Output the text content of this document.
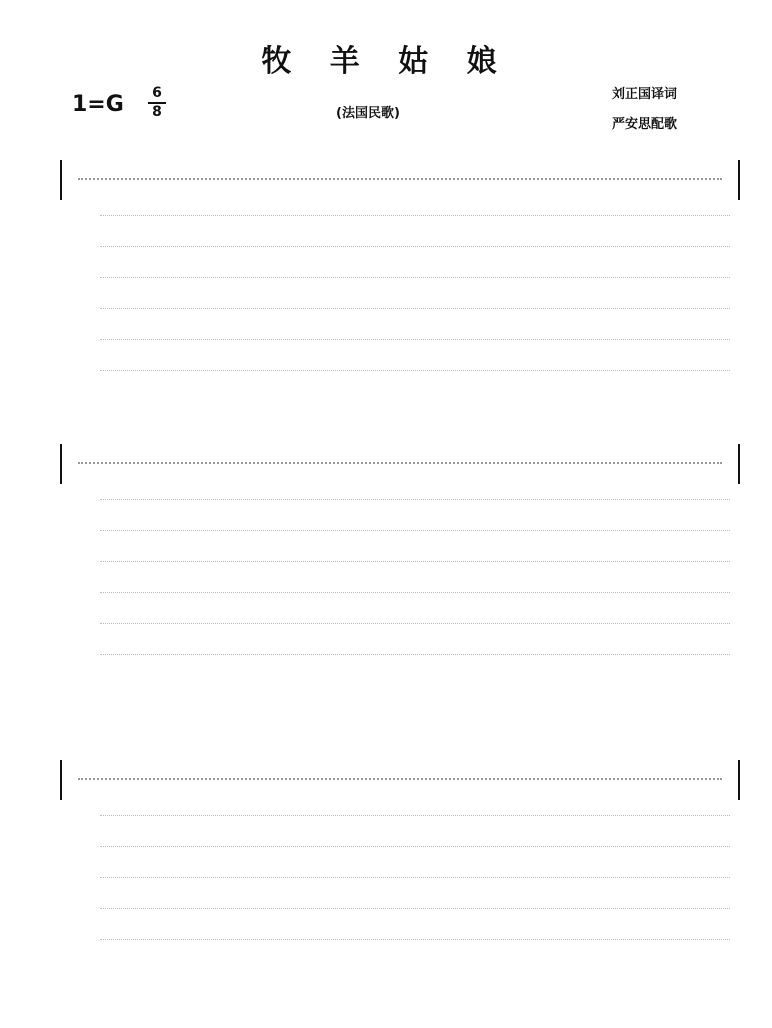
牧 羊 姑 娘
刘正国译词
严安思配歌
1=G 6
8	(法国民歌)
